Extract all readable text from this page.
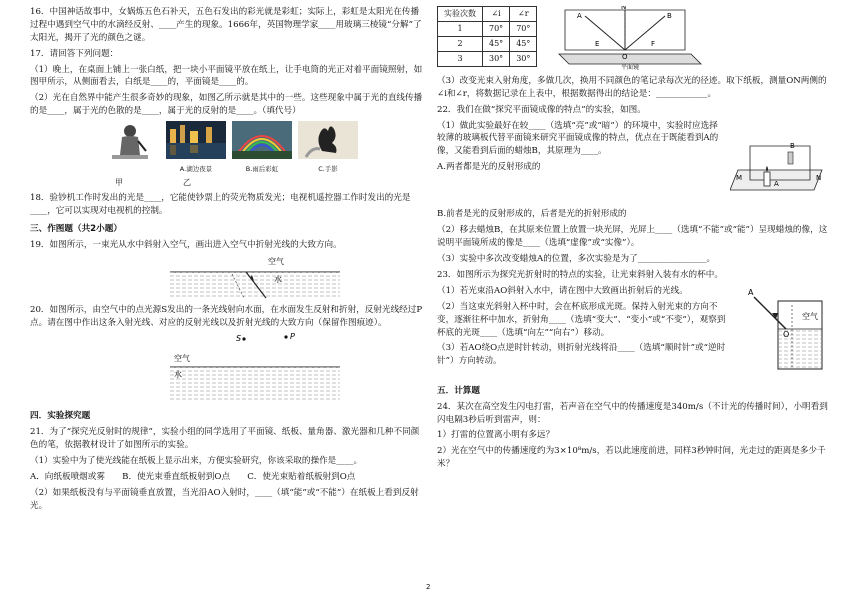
16．中国神话故事中，女娲炼五色石补天，五色石发出的彩光就是彩虹；实际上，彩虹是太阳光在传播过程中遇到空气中的水滴经反射、____产生的现象。1666年，英国物理学家____用玻璃三棱镜“分解”了太阳光，揭开了光的颜色之谜。

17．请回答下列问题：

（1）晚上，在桌面上铺上一张白纸，把一块小平面镜平放在纸上，让手电筒的光正对着平面镜照射，如图甲所示，从侧面看去，白纸是____的，平面镜是____的。

（2）光在自然界中能产生很多奇妙的现象，如图乙所示就是其中的一些。这些现象中属于光的直线传播的是____，属于光的色散的是____，属于光的反射的是____。（填代号）

A.湖边夜景	B.雨后彩虹	C.手影
甲	乙

18．验钞机工作时发出的光是____，它能使钞票上的荧光物质发光；电视机遥控器工作时发出的光是____，它可以实现对电视机的控制。

三、作图题（共2小题）

19．如图所示，一束光从水中斜射入空气，画出进入空气中折射光线的大致方向。

空气
水

20．如图所示，由空气中的点光源S发出的一条光线射向水面，在水面发生反射和折射，反射光线经过P点。请在图中作出这条入射光线、对应的反射光线以及折射光线的大致方向（保留作图痕迹）。

S	P
空气
水
四．实验探究题

21．为了“探究光反射时的规律”，实验小组的同学选用了平面镜、纸板、量角器、激光器和几种不同颜色的笔，依据教材设计了如图所示的实验。

（1）实验中为了使光线能在纸板上显示出来，方便实验研究，你该采取的操作是____。

A．向纸板喷烟或雾　　B．使光束垂直纸板射到O点　　C．使光束贴着纸板射到O点

（2）如果纸板没有与平面镜垂直放置，当光沿AO入射时，____（填“能”或“不能”）在纸板上看到反射光。

实验次数	∠i	∠r
1	70°	70°
2	45°	45°
3	30°	30°
A
N
B
E	F
O
平面镜

（3）改变光束入射角度，多做几次，换用不同颜色的笔记录每次光的径迹。取下纸板，测量ON两侧的∠i和∠r，将数据记录在上表中，根据数据得出的结论是：____________。

22．我们在做“探究平面镜成像的特点”的实验，如图。

（1）做此实验最好在较____（选填“亮”或“暗”）的环境中，实验时应选择较薄的玻璃板代替平面镜来研究平面镜成像的特点，优点在于既能看到A的像，又能看到后面的蜡烛B，其原理为____。

A.两者都是光的反射形成的

B
M
A
N

B.前者是光的反射形成的，后者是光的折射形成的

（2）移去蜡烛B，在其原来位置上放置一块光屏，光屏上____（选填“不能”或“能”）呈现蜡烛的像，这说明平面镜所成的像是____（选填“虚像”或“实像”）。

（3）实验中多次改变蜡烛A的位置，多次实验是为了________________。

23．如图所示为探究光折射时的特点的实验，让光束斜射入装有水的杯中。

（1）若光束沿AO斜射入水中，请在图中大致画出折射后的光线。

（2）当这束光斜射入杯中时，会在杯底形成光斑。保持入射光束的方向不变，逐渐往杯中加水，折射角____（选填“变大”、“变小”或“不变”），观察到杯底的光斑____（选填“向左”“向右”）移动。

（3）若AO绕O点逆时针转动，则折射光线将沿____（选填“顺时针”或“逆时针”）方向转动。

A
空气
O
五．计算题

24．某次在高空发生闪电打雷，若声音在空气中的传播速度是340m/s（不计光的传播时间），小明看到闪电隔3秒后听到雷声，则：

1）打雷的位置离小明有多远？

2）光在空气中的传播速度约为3×10⁸m/s，若以此速度前进，同样3秒钟时间，光走过的距离是多少千米？

2
